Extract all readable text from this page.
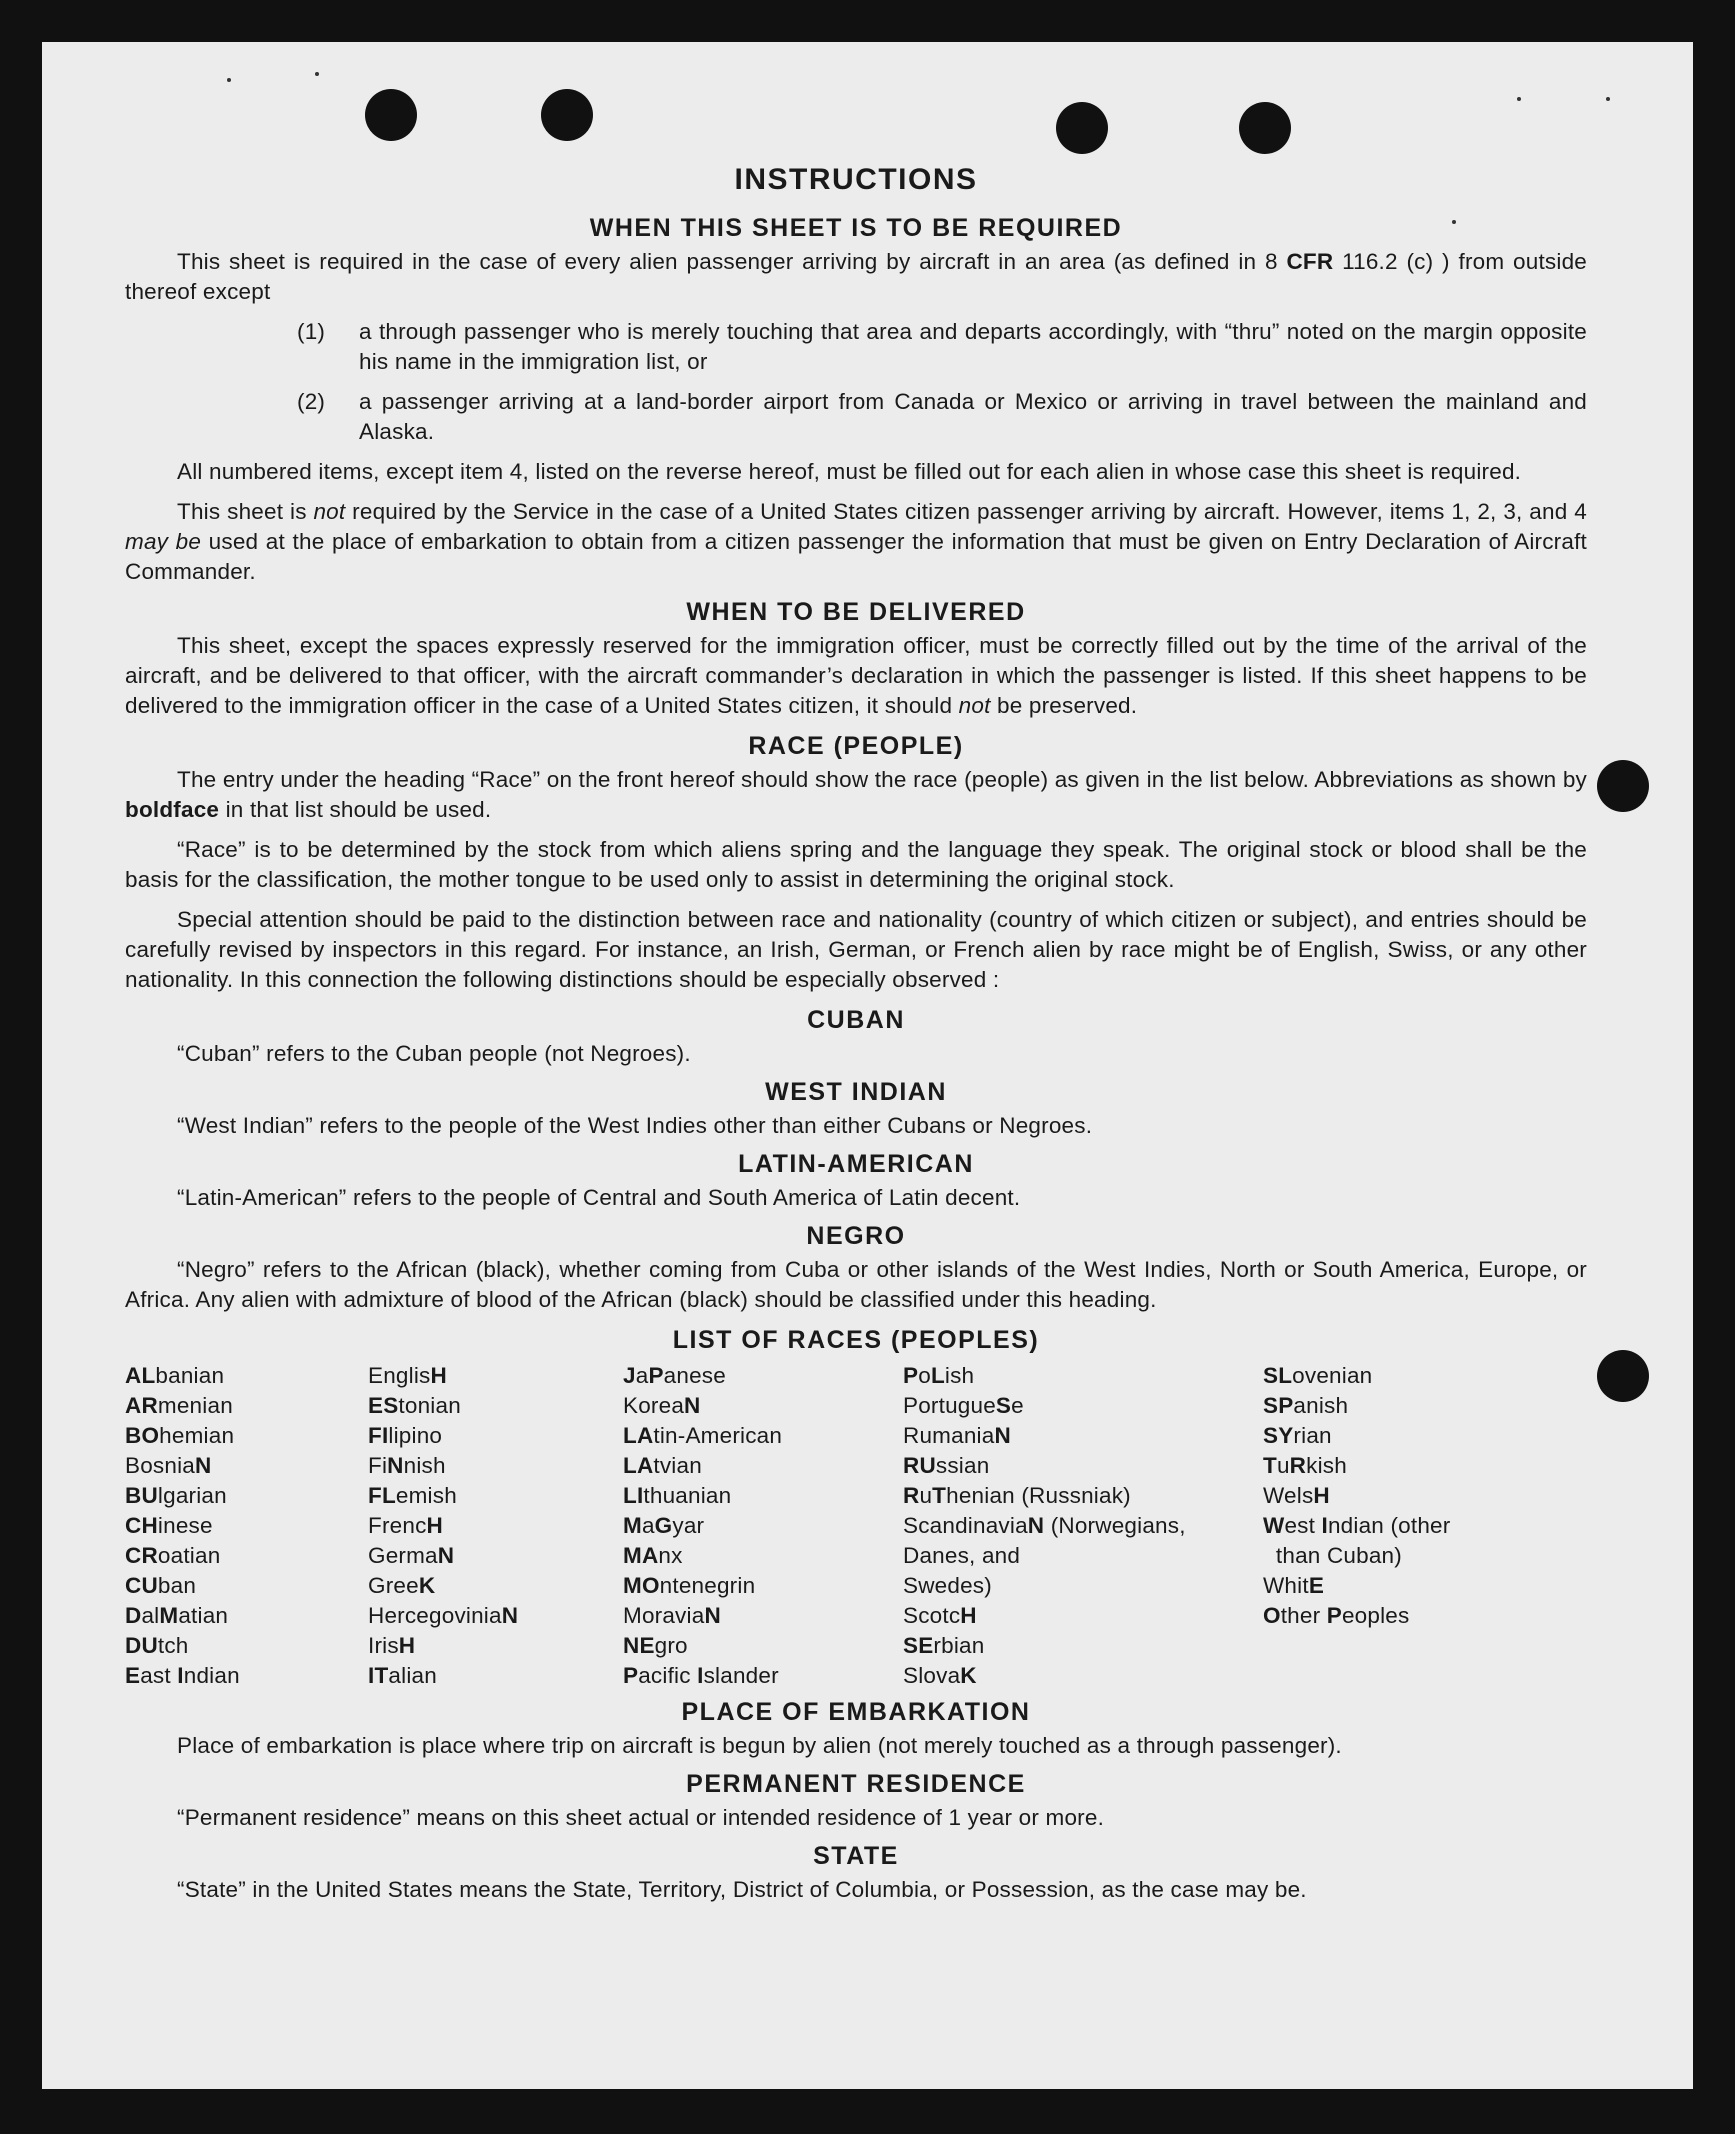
INSTRUCTIONS
WHEN THIS SHEET IS TO BE REQUIRED

This sheet is required in the case of every alien passenger arriving by aircraft in an area (as defined in 8 CFR 116.2 (c) ) from outside thereof except

(1)	a through passenger who is merely touching that area and departs accordingly, with “thru” noted on the margin opposite his name in the immigration list, or
(2)	a passenger arriving at a land-border airport from Canada or Mexico or arriving in travel between the mainland and Alaska.

All numbered items, except item 4, listed on the reverse hereof, must be filled out for each alien in whose case this sheet is required.

This sheet is not required by the Service in the case of a United States citizen passenger arriving by aircraft. However, items 1, 2, 3, and 4 may be used at the place of embarkation to obtain from a citizen passenger the information that must be given on Entry Declaration of Aircraft Commander.

WHEN TO BE DELIVERED

This sheet, except the spaces expressly reserved for the immigration officer, must be correctly filled out by the time of the arrival of the aircraft, and be delivered to that officer, with the aircraft commander’s declaration in which the passenger is listed. If this sheet happens to be delivered to the immigration officer in the case of a United States citizen, it should not be preserved.

RACE (PEOPLE)

The entry under the heading “Race” on the front hereof should show the race (people) as given in the list below. Abbreviations as shown by boldface in that list should be used.

“Race” is to be determined by the stock from which aliens spring and the language they speak. The original stock or blood shall be the basis for the classification, the mother tongue to be used only to assist in determining the original stock.

Special attention should be paid to the distinction between race and nationality (country of which citizen or subject), and entries should be carefully revised by inspectors in this regard. For instance, an Irish, German, or French alien by race might be of English, Swiss, or any other nationality. In this connection the following distinctions should be especially observed :

CUBAN

“Cuban” refers to the Cuban people (not Negroes).

WEST INDIAN

“West Indian” refers to the people of the West Indies other than either Cubans or Negroes.

LATIN-AMERICAN

“Latin-American” refers to the people of Central and South America of Latin decent.

NEGRO

“Negro” refers to the African (black), whether coming from Cuba or other islands of the West Indies, North or South America, Europe, or Africa. Any alien with admixture of blood of the African (black) should be classified under this heading.

LIST OF RACES (PEOPLES)
ALbanian
ARmenian
BOhemian
BosniaN
BUlgarian
CHinese
CRoatian
CUban
DalMatian
DUtch
East Indian
EnglisH
EStonian
FIlipino
FiNnish
FLemish
FrencH
GermaN
GreeK
HercegoviniaN
IrisH
ITalian
JaPanese
KoreaN
LAtin-American
LAtvian
LIthuanian
MaGyar
MAnx
MOntenegrin
MoraviaN
NEgro
Pacific Islander
PoLish
PortugueSe
RumaniaN
RUssian
RuThenian (Russniak)
ScandinaviaN (Norwegians,
Danes, and
Swedes)
ScotcH
SErbian
SlovaK
SLovenian
SPanish
SYrian
TuRkish
WelsH
West Indian (other
than Cuban)
WhitE
Other Peoples
PLACE OF EMBARKATION

Place of embarkation is place where trip on aircraft is begun by alien (not merely touched as a through passenger).

PERMANENT RESIDENCE

“Permanent residence” means on this sheet actual or intended residence of 1 year or more.

STATE

“State” in the United States means the State, Territory, District of Columbia, or Possession, as the case may be.
